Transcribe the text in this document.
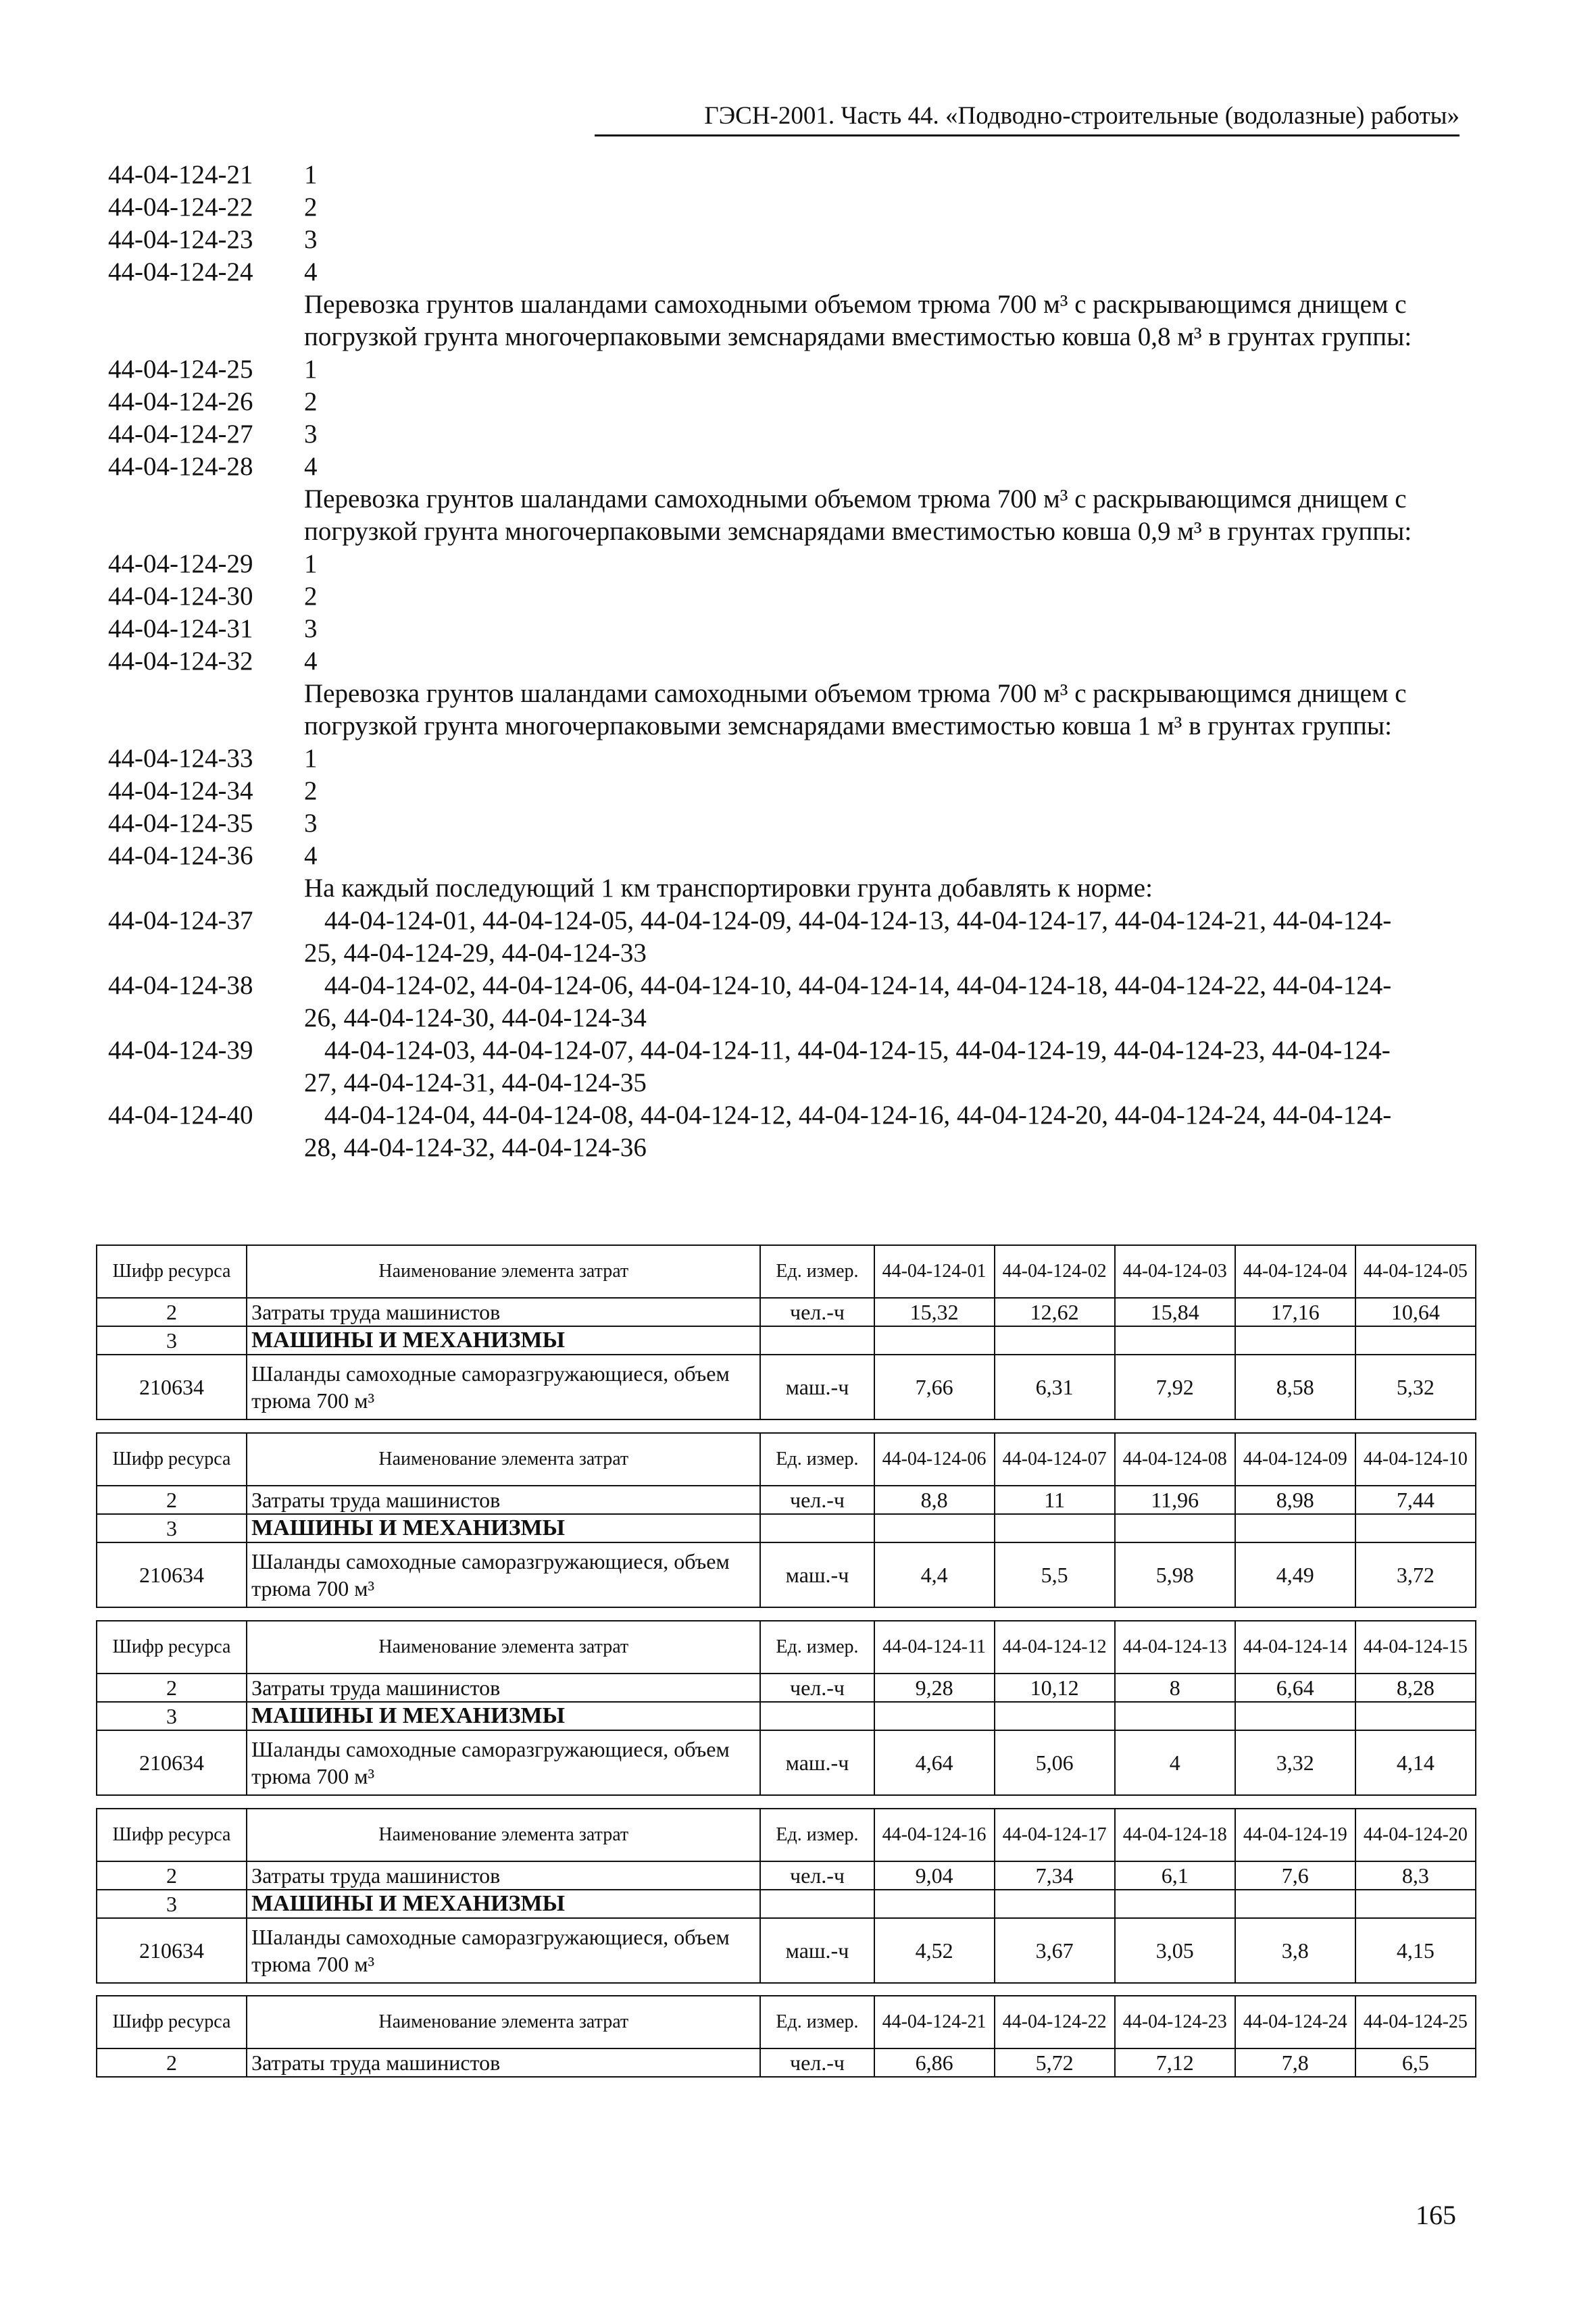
ГЭСН-2001. Часть 44. «Подводно-строительные (водолазные) работы»
44-04-124-21	1
44-04-124-22	2
44-04-124-23	3
44-04-124-24	4
Перевозка грунтов шаландами самоходными объемом трюма 700 м³ с раскрывающимся днищем с погрузкой грунта многочерпаковыми земснарядами вместимостью ковша 0,8 м³ в грунтах группы:
44-04-124-25	1
44-04-124-26	2
44-04-124-27	3
44-04-124-28	4
Перевозка грунтов шаландами самоходными объемом трюма 700 м³ с раскрывающимся днищем с погрузкой грунта многочерпаковыми земснарядами вместимостью ковша 0,9 м³ в грунтах группы:
44-04-124-29	1
44-04-124-30	2
44-04-124-31	3
44-04-124-32	4
Перевозка грунтов шаландами самоходными объемом трюма 700 м³ с раскрывающимся днищем с погрузкой грунта многочерпаковыми земснарядами вместимостью ковша 1 м³ в грунтах группы:
44-04-124-33	1
44-04-124-34	2
44-04-124-35	3
44-04-124-36	4
На каждый последующий 1 км транспортировки грунта добавлять к норме:
44-04-124-37	44-04-124-01, 44-04-124-05, 44-04-124-09, 44-04-124-13, 44-04-124-17, 44-04-124-21, 44-04-124-25, 44-04-124-29, 44-04-124-33
44-04-124-38	44-04-124-02, 44-04-124-06, 44-04-124-10, 44-04-124-14, 44-04-124-18, 44-04-124-22, 44-04-124-26, 44-04-124-30, 44-04-124-34
44-04-124-39	44-04-124-03, 44-04-124-07, 44-04-124-11, 44-04-124-15, 44-04-124-19, 44-04-124-23, 44-04-124-27, 44-04-124-31, 44-04-124-35
44-04-124-40	44-04-124-04, 44-04-124-08, 44-04-124-12, 44-04-124-16, 44-04-124-20, 44-04-124-24, 44-04-124-28, 44-04-124-32, 44-04-124-36
Шифр ресурса	Наименование элемента затрат	Ед. измер.	44-04-124-01	44-04-124-02	44-04-124-03	44-04-124-04	44-04-124-05
2	Затраты труда машинистов	чел.-ч	15,32	12,62	15,84	17,16	10,64
3	МАШИНЫ И МЕХАНИЗМЫ						
210634	Шаланды самоходные саморазгружающиеся, объем трюма 700 м³	маш.-ч	7,66	6,31	7,92	8,58	5,32
Шифр ресурса	Наименование элемента затрат	Ед. измер.	44-04-124-06	44-04-124-07	44-04-124-08	44-04-124-09	44-04-124-10
2	Затраты труда машинистов	чел.-ч	8,8	11	11,96	8,98	7,44
3	МАШИНЫ И МЕХАНИЗМЫ						
210634	Шаланды самоходные саморазгружающиеся, объем трюма 700 м³	маш.-ч	4,4	5,5	5,98	4,49	3,72
Шифр ресурса	Наименование элемента затрат	Ед. измер.	44-04-124-11	44-04-124-12	44-04-124-13	44-04-124-14	44-04-124-15
2	Затраты труда машинистов	чел.-ч	9,28	10,12	8	6,64	8,28
3	МАШИНЫ И МЕХАНИЗМЫ						
210634	Шаланды самоходные саморазгружающиеся, объем трюма 700 м³	маш.-ч	4,64	5,06	4	3,32	4,14
Шифр ресурса	Наименование элемента затрат	Ед. измер.	44-04-124-16	44-04-124-17	44-04-124-18	44-04-124-19	44-04-124-20
2	Затраты труда машинистов	чел.-ч	9,04	7,34	6,1	7,6	8,3
3	МАШИНЫ И МЕХАНИЗМЫ						
210634	Шаланды самоходные саморазгружающиеся, объем трюма 700 м³	маш.-ч	4,52	3,67	3,05	3,8	4,15
Шифр ресурса	Наименование элемента затрат	Ед. измер.	44-04-124-21	44-04-124-22	44-04-124-23	44-04-124-24	44-04-124-25
2	Затраты труда машинистов	чел.-ч	6,86	5,72	7,12	7,8	6,5
165
